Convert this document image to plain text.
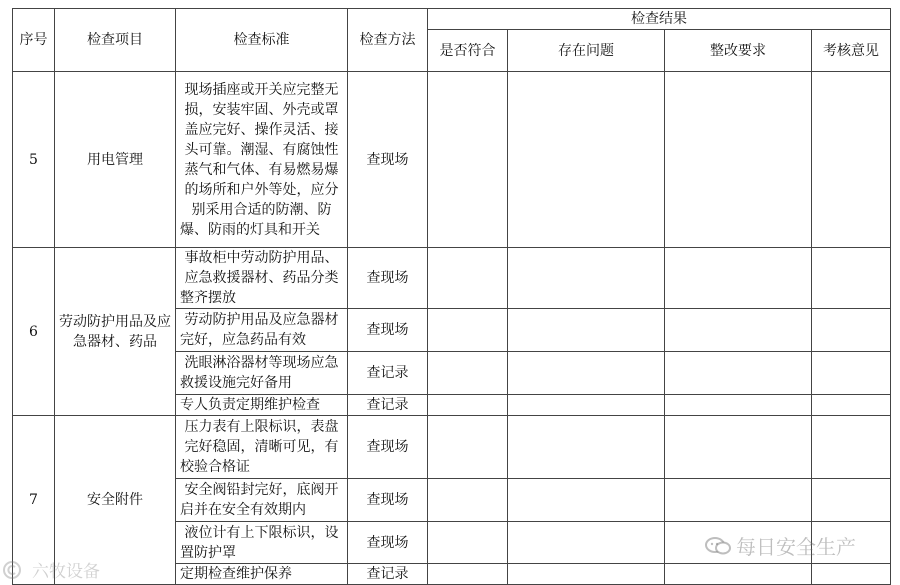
序号	检查项目	检查标准	检查方法	检查结果			
				是否符合	存在问题	整改要求	考核意见
5	用电管理	现场插座或开关应完整无损，安装牢固、外壳或罩盖应完好、操作灵活、接头可靠。潮湿、有腐蚀性蒸气和气体、有易燃易爆的场所和户外等处，应分别采用合适的防潮、防爆、防雨的灯具和开关	查现场				
6	劳动防护用品及应急器材、药品	事故柜中劳动防护用品、应急救援器材、药品分类整齐摆放	查现场				
		劳动防护用品及应急器材完好，应急药品有效	查现场				
		洗眼淋浴器材等现场应急救援设施完好备用	查记录				
		专人负责定期维护检查	查记录				
7	安全附件	压力表有上限标识，表盘完好稳固，清晰可见，有校验合格证	查现场				
		安全阀铅封完好，底阀开启并在安全有效期内	查现场				
		液位计有上下限标识，设置防护罩	查现场				
		定期检查维护保养	查记录				
六牧设备
每日安全生产
